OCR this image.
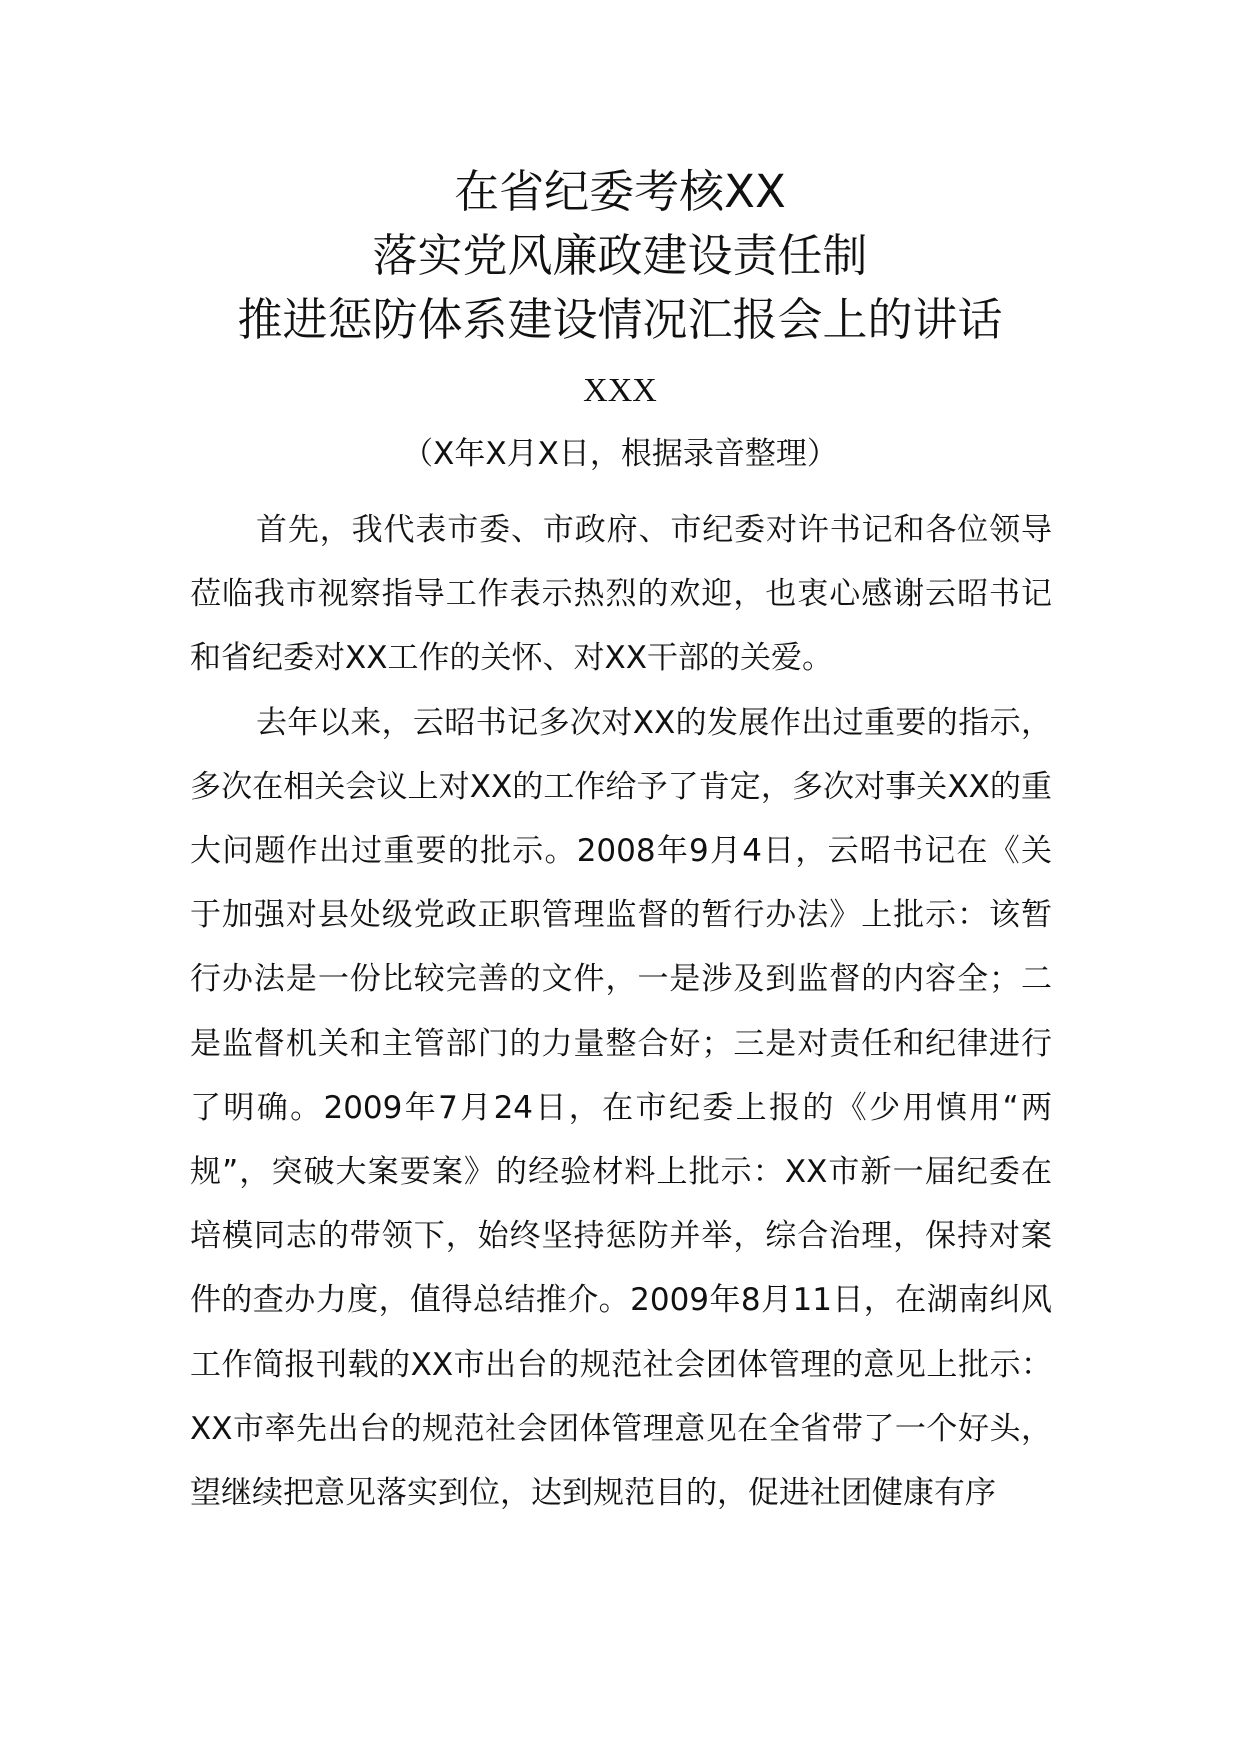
在省纪委考核XX

落实党风廉政建设责任制

推进惩防体系建设情况汇报会上的讲话

XXX

（X年X月X日，根据录音整理）

首先，我代表市委、市政府、市纪委对许书记和各位领导莅临我市视察指导工作表示热烈的欢迎，也衷心感谢云昭书记和省纪委对XX工作的关怀、对XX干部的关爱。

去年以来，云昭书记多次对XX的发展作出过重要的指示，多次在相关会议上对XX的工作给予了肯定，多次对事关XX的重大问题作出过重要的批示。2008年9月4日，云昭书记在《关于加强对县处级党政正职管理监督的暂行办法》上批示：该暂行办法是一份比较完善的文件，一是涉及到监督的内容全；二是监督机关和主管部门的力量整合好；三是对责任和纪律进行了明确。2009年7月24日，在市纪委上报的《少用慎用“两规”，突破大案要案》的经验材料上批示：XX市新一届纪委在培模同志的带领下，始终坚持惩防并举，综合治理，保持对案件的查办力度，值得总结推介。2009年8月11日，在湖南纠风工作简报刊载的XX市出台的规范社会团体管理的意见上批示：XX市率先出台的规范社会团体管理意见在全省带了一个好头，望继续把意见落实到位，达到规范目的，促进社团健康有序
